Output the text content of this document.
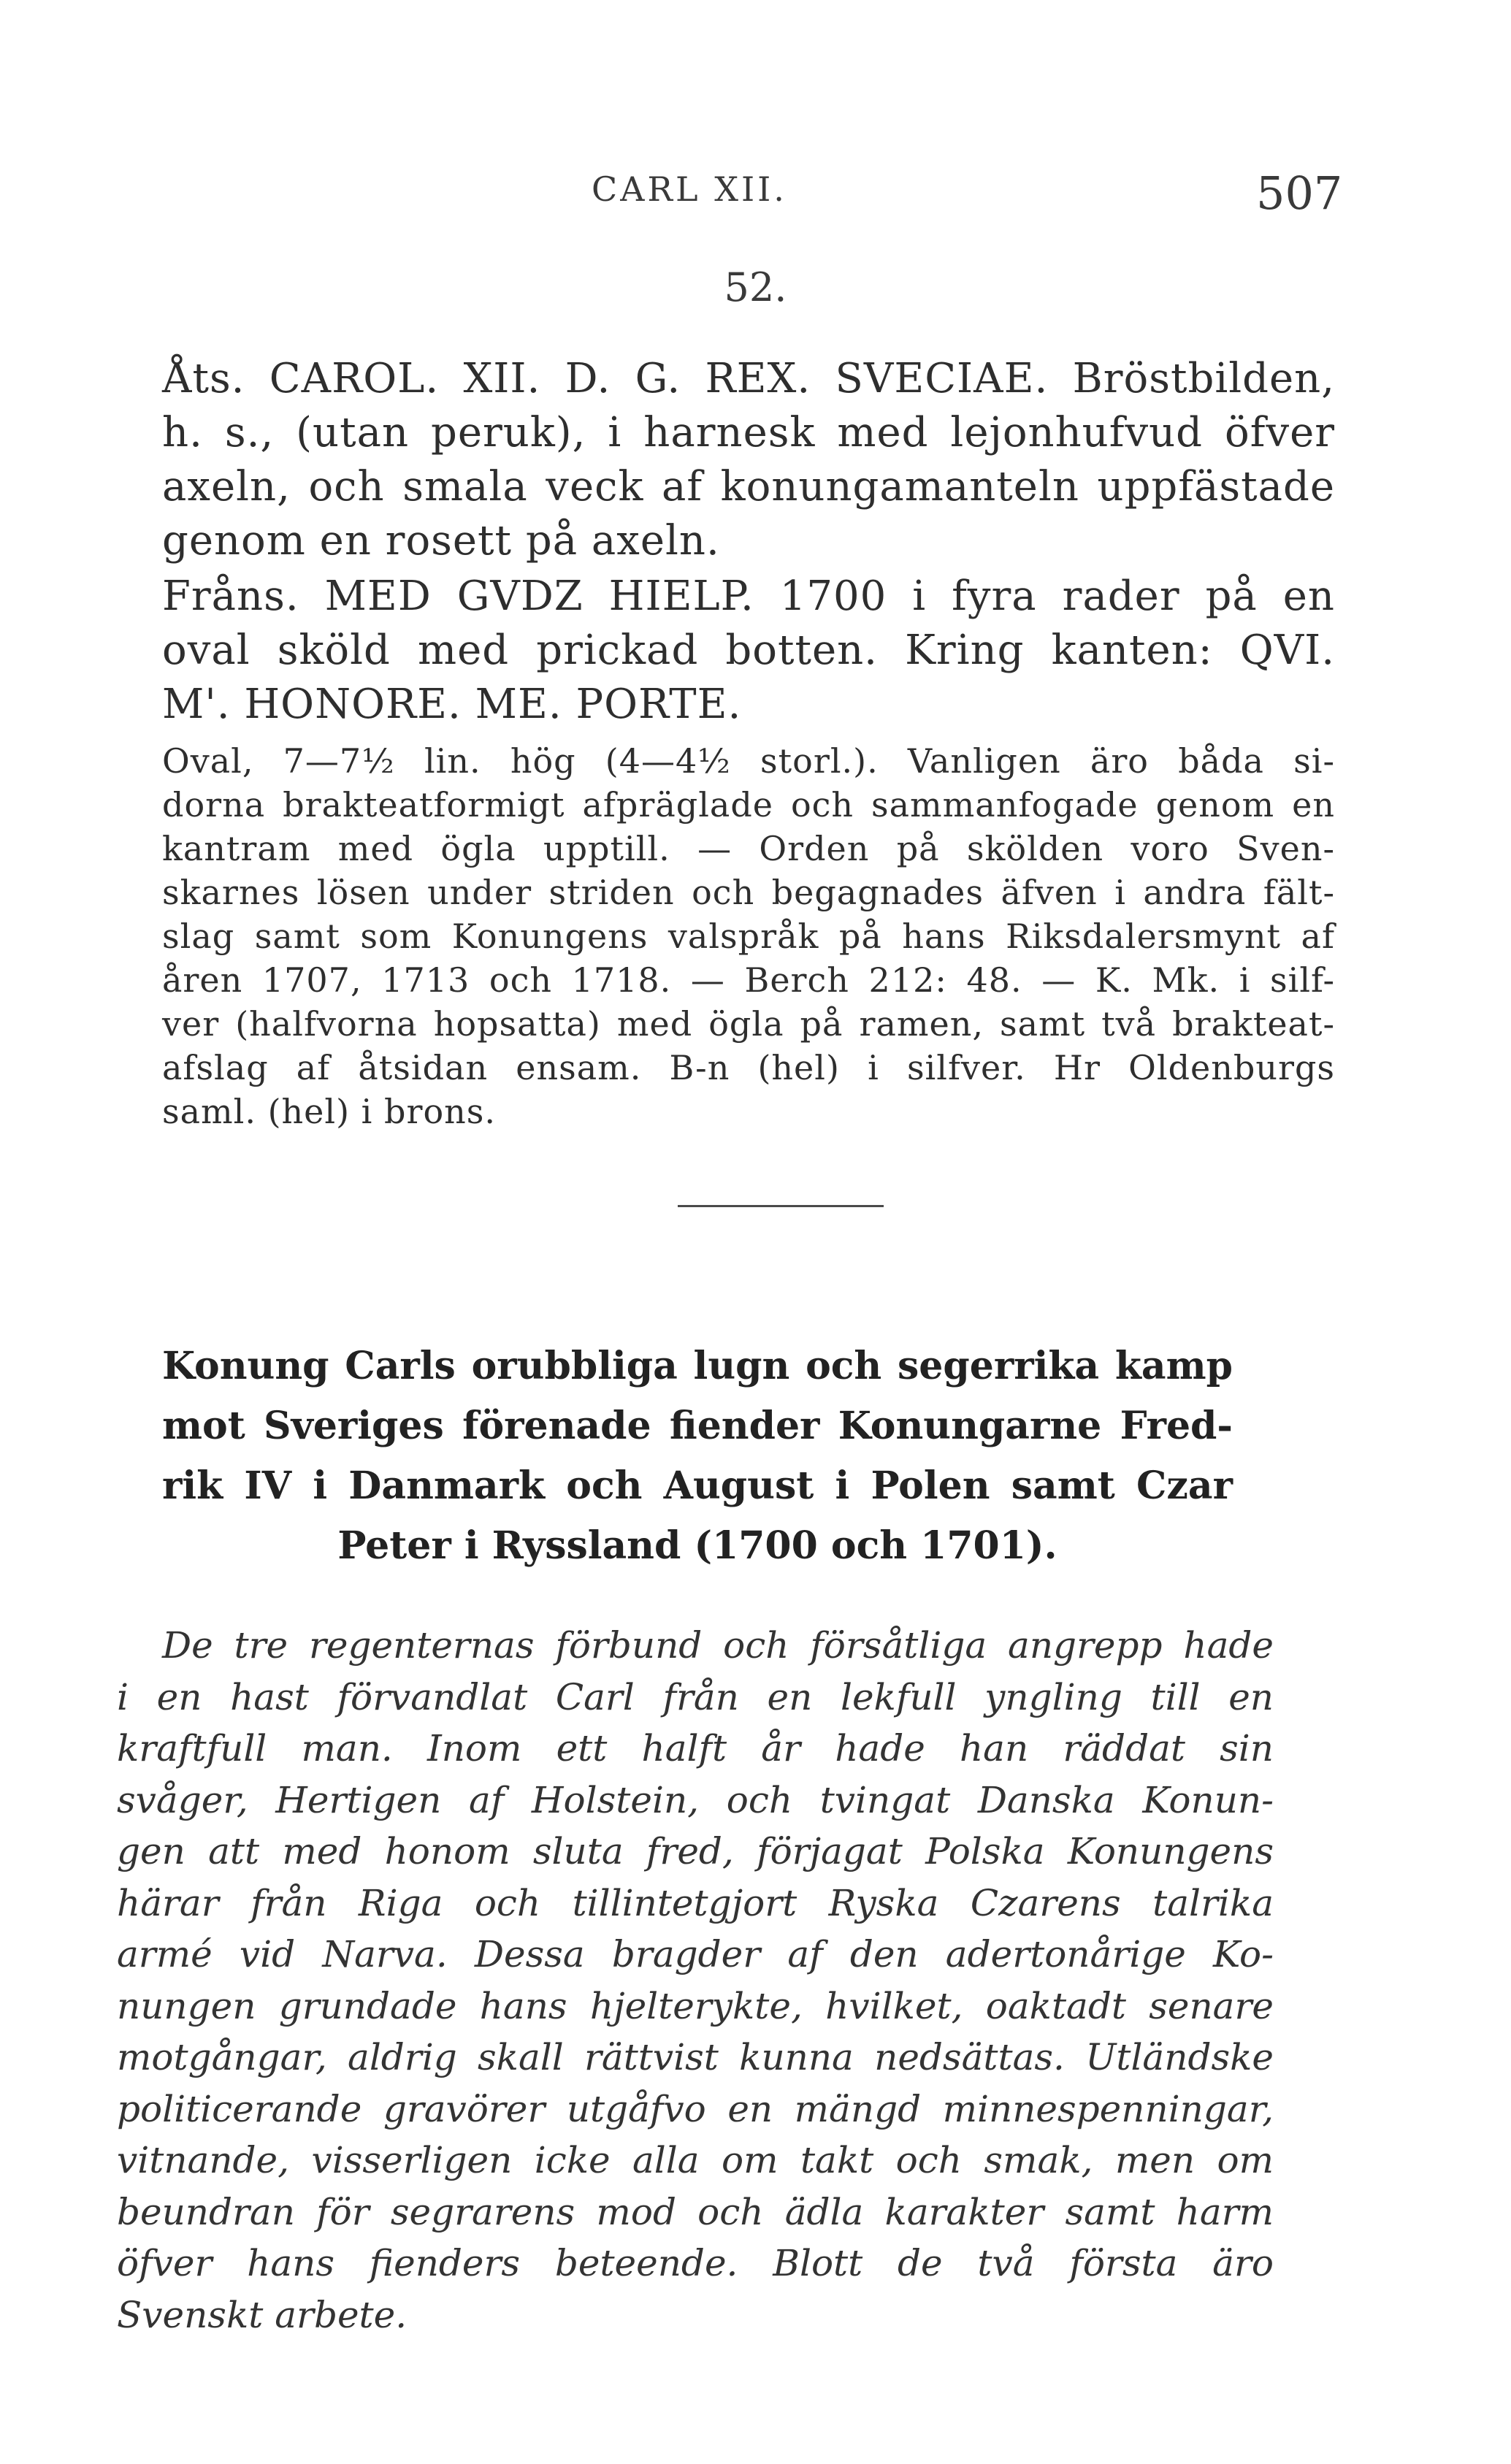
CARL XII.	507
52.

Åts. CAROL. XII. D. G. REX. SVECIAE. Bröstbilden,
h. s., (utan peruk), i harnesk med lejonhufvud öfver
axeln, och smala veck af konungamanteln uppfästade
genom en rosett på axeln.

Fråns. MED GVDZ HIELP. 1700 i fyra rader på en
oval sköld med prickad botten. Kring kanten: QVI.
M'. HONORE. ME. PORTE.

Oval, 7—7½ lin. hög (4—4½ storl.). Vanligen äro båda si-
dorna brakteatformigt afpräglade och sammanfogade genom en
kantram med ögla upptill. — Orden på skölden voro Sven-
skarnes lösen under striden och begagnades äfven i andra fält-
slag samt som Konungens valspråk på hans Riksdalersmynt af
åren 1707, 1713 och 1718. — Berch 212: 48. — K. Mk. i silf-
ver (halfvorna hopsatta) med ögla på ramen, samt två brakteat-
afslag af åtsidan ensam. B-n (hel) i silfver. Hr Oldenburgs
saml. (hel) i brons.

Konung Carls orubbliga lugn och segerrika kamp
mot Sveriges förenade fiender Konungarne Fred-
rik IV i Danmark och August i Polen samt Czar
Peter i Ryssland (1700 och 1701).
De tre regenternas förbund och försåtliga angrepp hade
i en hast förvandlat Carl från en lekfull yngling till en
kraftfull man. Inom ett halft år hade han räddat sin
svåger, Hertigen af Holstein, och tvingat Danska Konun-
gen att med honom sluta fred, förjagat Polska Konungens
härar från Riga och tillintetgjort Ryska Czarens talrika
armé vid Narva. Dessa bragder af den adertonårige Ko-
nungen grundade hans hjelterykte, hvilket, oaktadt senare
motgångar, aldrig skall rättvist kunna nedsättas. Utländske
politicerande gravörer utgåfvo en mängd minnespenningar,
vitnande, visserligen icke alla om takt och smak, men om
beundran för segrarens mod och ädla karakter samt harm
öfver hans fienders beteende. Blott de två första äro
Svenskt arbete.
